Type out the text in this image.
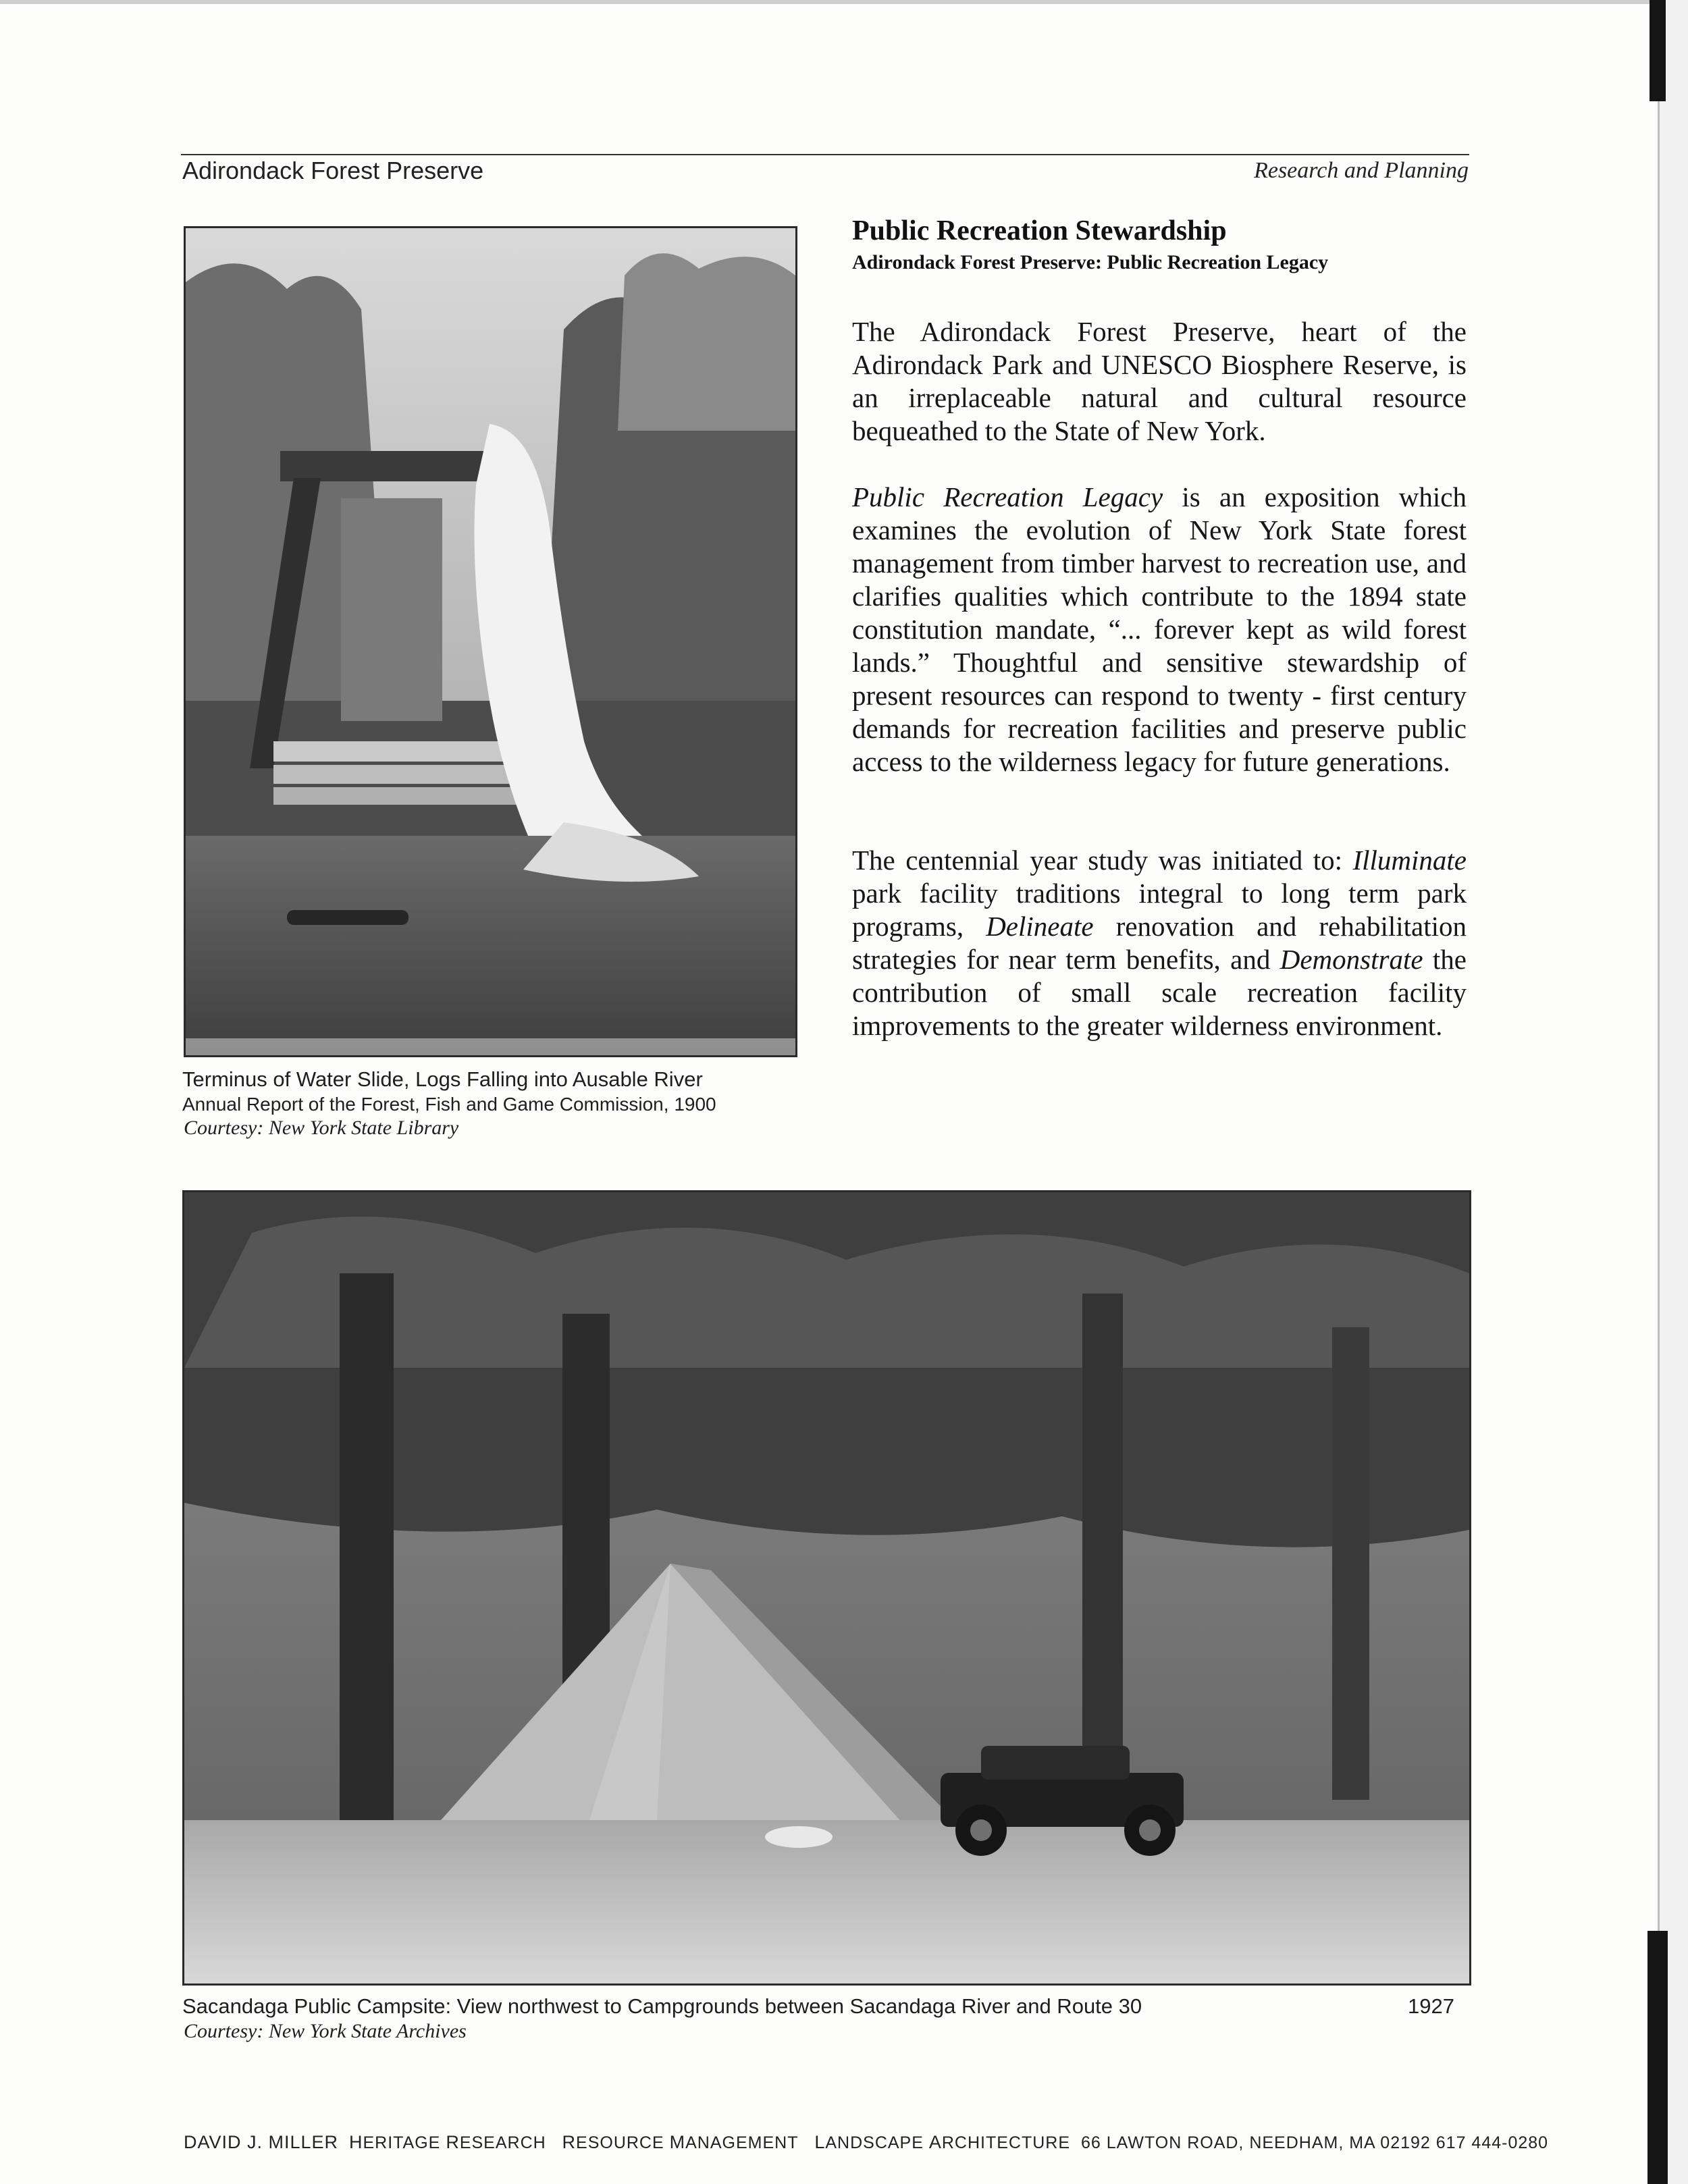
Adirondack Forest Preserve	Research and Planning
Terminus of Water Slide, Logs Falling into Ausable River
Annual Report of the Forest, Fish and Game Commission, 1900
Courtesy: New York State Library
Public Recreation Stewardship
Adirondack Forest Preserve: Public Recreation Legacy

The Adirondack Forest Preserve, heart of the Adirondack Park and UNESCO Biosphere Reserve, is an irreplaceable natural and cultural resource bequeathed to the State of New York.

Public Recreation Legacy is an exposition which examines the evolution of New York State forest management from timber harvest to recreation use, and clarifies qualities which contribute to the 1894 state constitution mandate, “... forever kept as wild forest lands.” Thoughtful and sensitive stewardship of present resources can respond to twenty - first century demands for recreation facilities and preserve public access to the wilderness legacy for future generations.

The centennial year study was initiated to: Illuminate park facility traditions integral to long term park programs, Delineate renovation and rehabilitation strategies for near term benefits, and Demonstrate the contribution of small scale recreation facility improvements to the greater wilderness environment.

Sacandaga Public Campsite: View northwest to Campgrounds between Sacandaga River and Route 30	1927
Courtesy: New York State Archives
DAVID J. MILLER HERITAGE RESEARCH RESOURCE MANAGEMENT LANDSCAPE ARCHITECTURE 66 LAWTON ROAD, NEEDHAM, MA 02192 617 444-0280
